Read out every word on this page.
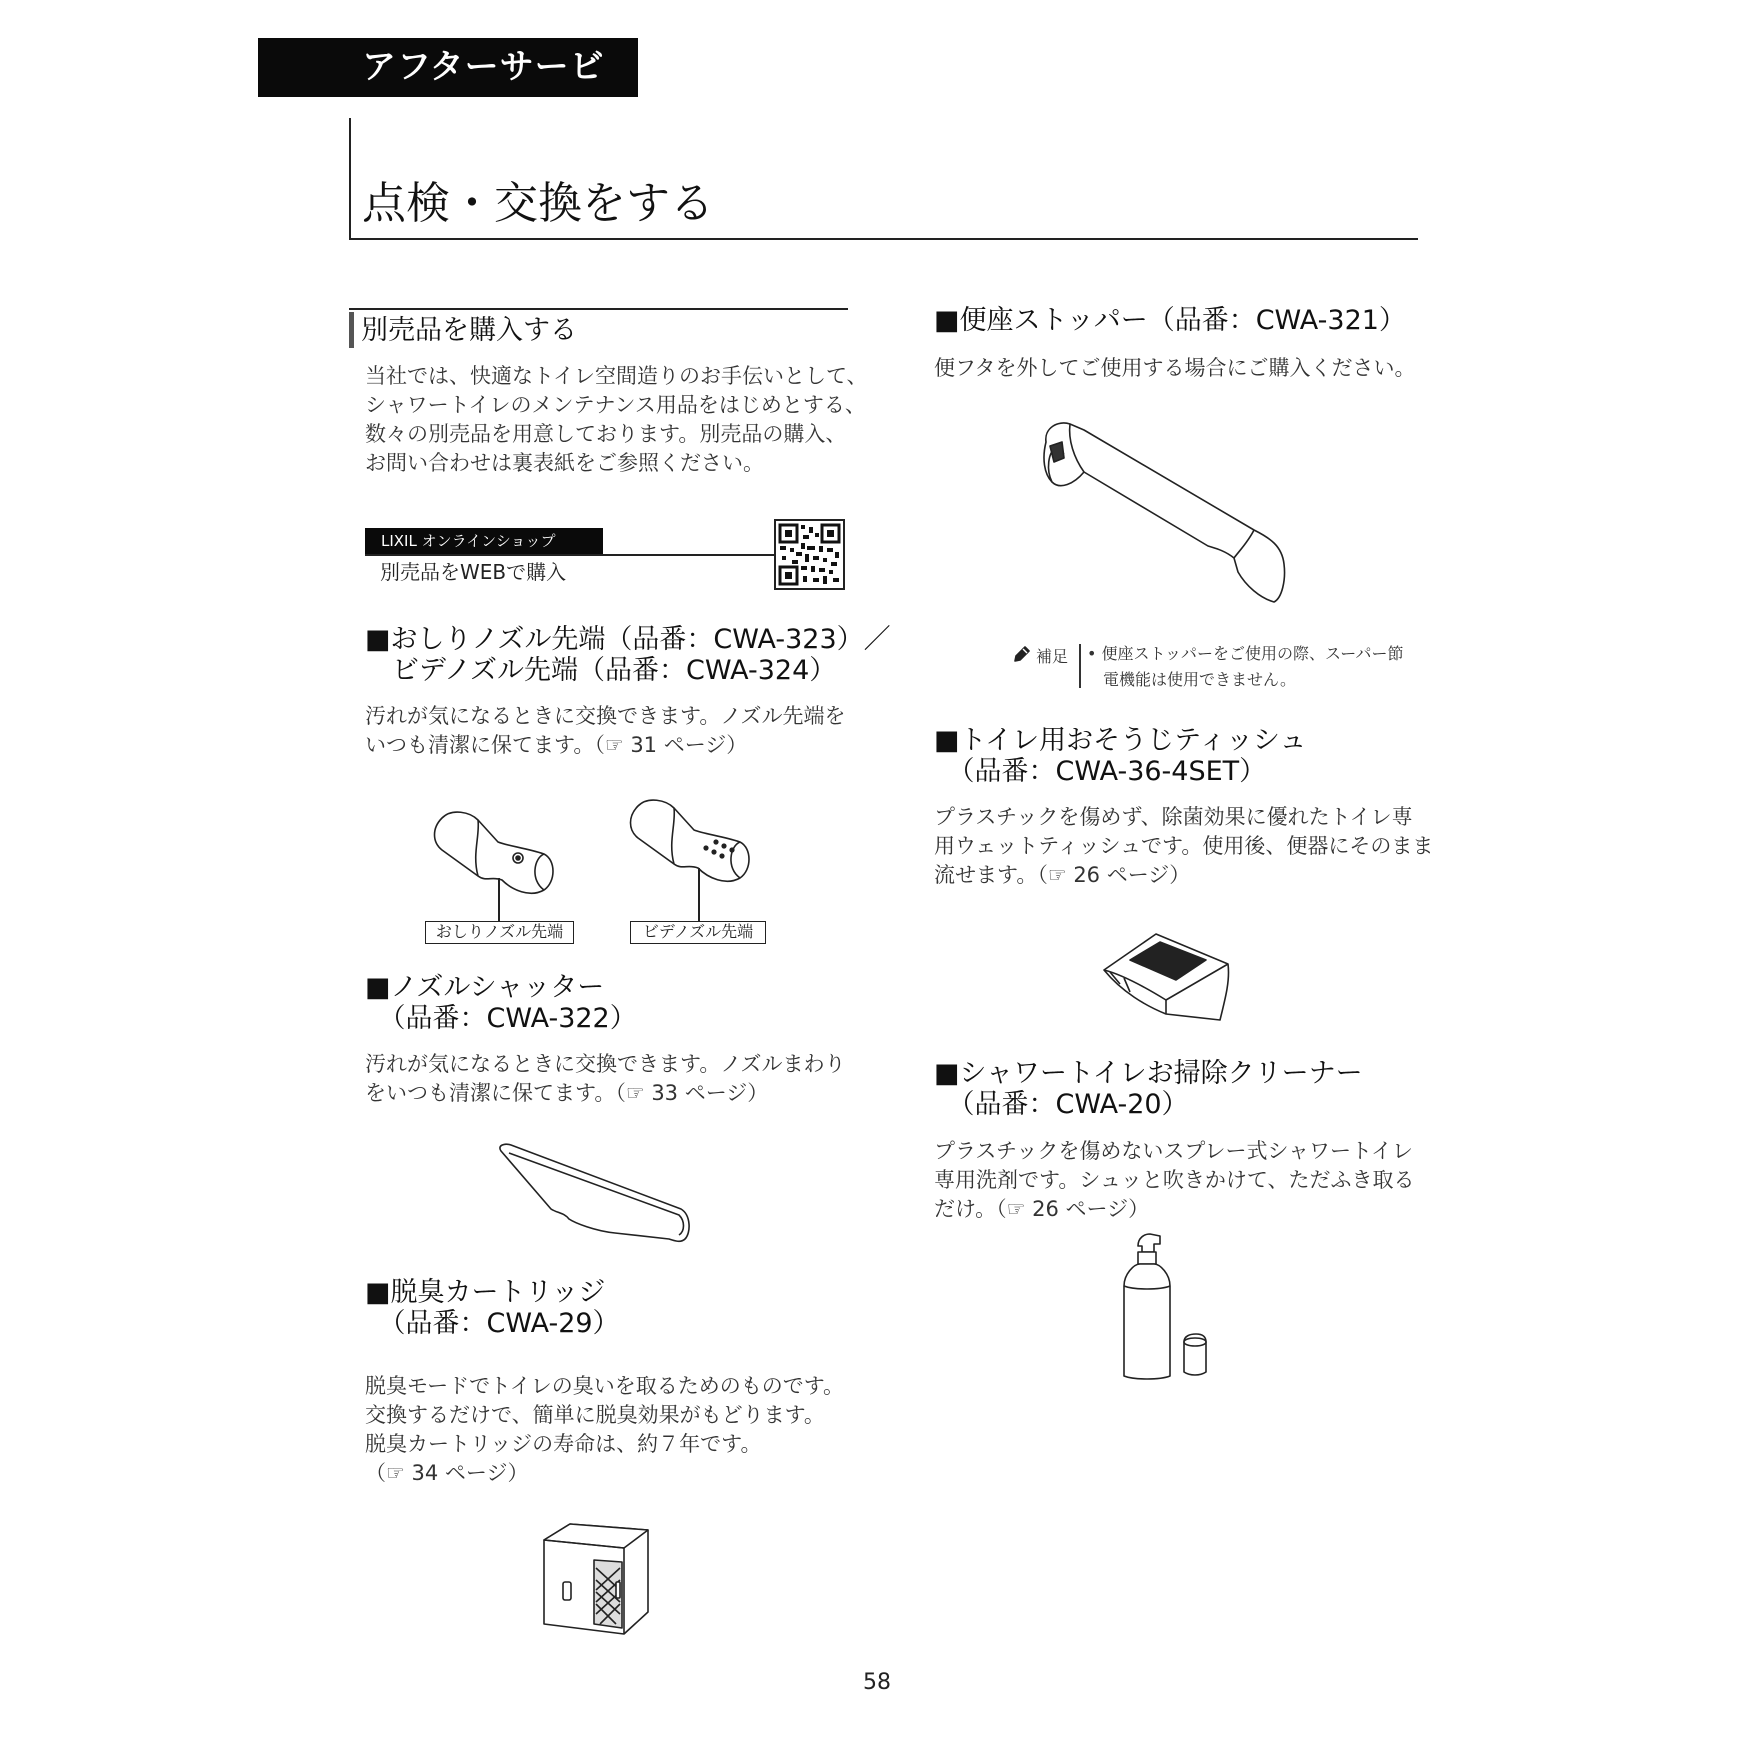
アフターサービス
点検・交換をする
別売品を購入する
当社では、快適なトイレ空間造りのお手伝いとして、
シャワートイレのメンテナンス用品をはじめとする、
数々の別売品を用意しております。別売品の購入、
お問い合わせは裏表紙をご参照ください。
LIXIL オンラインショップ
別売品をWEBで購入
■おしりノズル先端（品番：CWA-323）／
　ビデノズル先端（品番：CWA-324）
汚れが気になるときに交換できます。ノズル先端を
いつも清潔に保てます。（☞ 31 ページ）
おしりノズル先端	ビデノズル先端
■ノズルシャッター
　（品番：CWA-322）
汚れが気になるときに交換できます。ノズルまわり
をいつも清潔に保てます。（☞ 33 ページ）
■脱臭カートリッジ
　（品番：CWA-29）
脱臭モードでトイレの臭いを取るためのものです。
交換するだけで、簡単に脱臭効果がもどります。
脱臭カートリッジの寿命は、約７年です。
（☞ 34 ページ）
■便座ストッパー（品番：CWA-321）
便フタを外してご使用する場合にご購入ください。
補足 • 便座ストッパーをご使用の際、スーパー節
　電機能は使用できません。
■トイレ用おそうじティッシュ
　（品番：CWA-36-4SET）
プラスチックを傷めず、除菌効果に優れたトイレ専
用ウェットティッシュです。使用後、便器にそのまま
流せます。（☞ 26 ページ）
■シャワートイレお掃除クリーナー
　（品番：CWA-20）
プラスチックを傷めないスプレー式シャワートイレ
専用洗剤です。シュッと吹きかけて、ただふき取る
だけ。（☞ 26 ページ）
58
